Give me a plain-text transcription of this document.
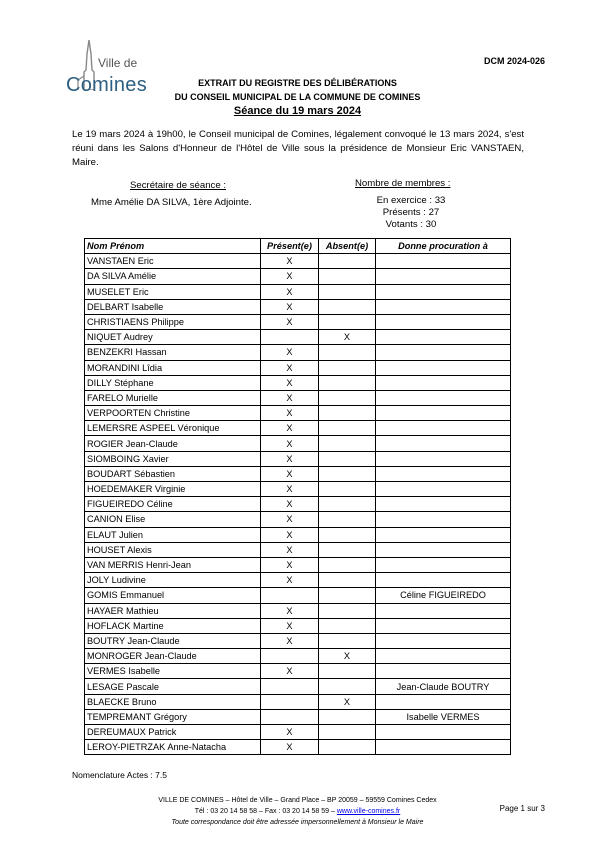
Ville de
Comines
DCM 2024-026
EXTRAIT DU REGISTRE DES DÉLIBÉRATIONS
DU CONSEIL MUNICIPAL DE LA COMMUNE DE COMINES
Séance du 19 mars 2024
Le 19 mars 2024 à 19h00, le Conseil municipal de Comines, légalement convoqué le 13 mars 2024, s'est réuni dans les Salons d'Honneur de l'Hôtel de Ville sous la présidence de Monsieur Eric VANSTAEN, Maire.
Secrétaire de séance :
Mme Amélie DA SILVA, 1ère Adjointe.
Nombre de membres :
En exercice : 33
Présents : 27
Votants : 30
Nom Prénom	Présent(e)	Absent(e)	Donne procuration à
VANSTAEN Eric	X		
DA SILVA Amélie	X		
MUSELET Eric	X		
DELBART Isabelle	X		
CHRISTIAENS Philippe	X		
NIQUET Audrey		X	
BENZEKRI Hassan	X		
MORANDINI Lîdia	X		
DILLY Stéphane	X		
FARELO Murielle	X		
VERPOORTEN Christine	X		
LEMERSRE ASPEEL Véronique	X		
ROGIER Jean-Claude	X		
SIOMBOING Xavier	X		
BOUDART Sébastien	X		
HOEDEMAKER Virginie	X		
FIGUEIREDO Céline	X		
CANION Elise	X		
ELAUT Julien	X		
HOUSET Alexis	X		
VAN MERRIS Henri-Jean	X		
JOLY Ludivine	X		
GOMIS Emmanuel			Céline FIGUEIREDO
HAYAER Mathieu	X		
HOFLACK Martine	X		
BOUTRY Jean-Claude	X		
MONROGER Jean-Claude		X	
VERMES Isabelle	X		
LESAGE Pascale			Jean-Claude BOUTRY
BLAECKE Bruno		X	
TEMPREMANT Grégory			Isabelle VERMES
DEREUMAUX Patrick	X		
LEROY-PIETRZAK Anne-Natacha	X		
Nomenclature Actes : 7.5
VILLE DE COMINES – Hôtel de Ville – Grand Place – BP 20059 – 59559 Comines Cedex
Tél : 03 20 14 58 58 – Fax : 03 20 14 58 59 – www.ville-comines.fr
Toute correspondance doit être adressée impersonnellement à Monsieur le Maire
Page 1 sur 3
